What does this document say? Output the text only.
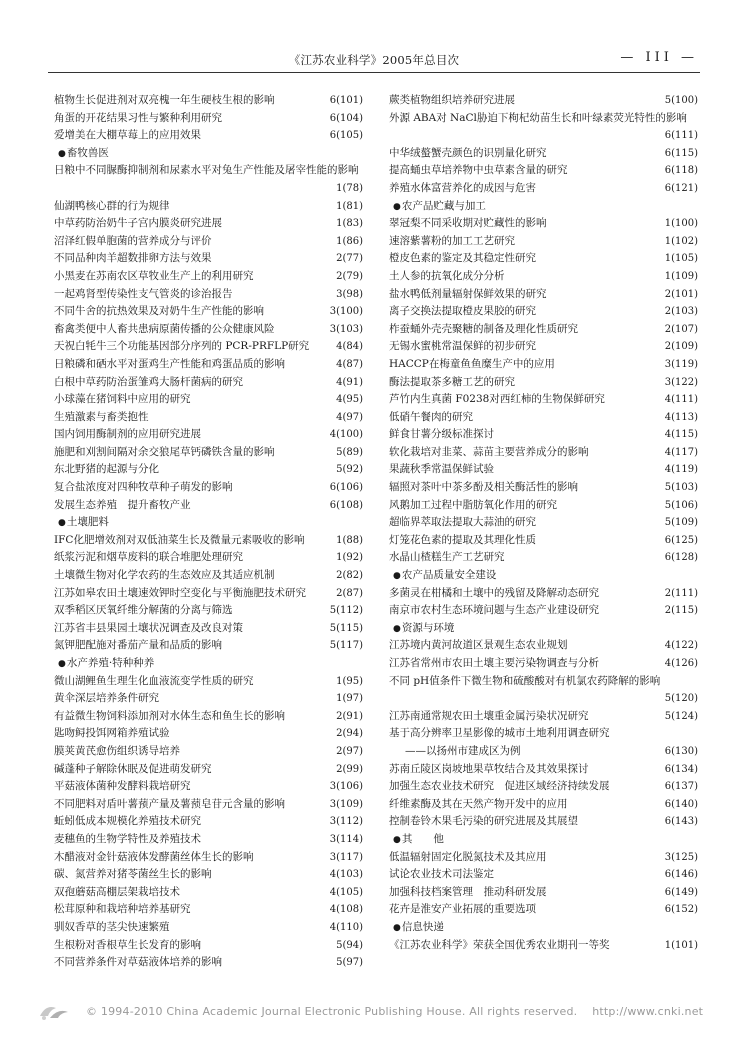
《江苏农业科学》2005年总目次	— III —
植物生长促进剂对双亮槐一年生硬枝生根的影响	6(101)
角蛋的开花结果习性与繁种利用研究	6(104)
爱增美在大棚草莓上的应用效果	6(105)
●畜牧兽医
日粮中不同脲酶抑制剂和尿素水平对兔生产性能及屠宰性能的影响
1(78)
仙湖鸭核心群的行为规律	1(81)
中草药防治奶牛子宫内膜炎研究进展	1(83)
沼泽红假单胞菌的营养成分与评价	1(86)
不同品种肉羊超数排卵方法与效果	2(77)
小黑麦在苏南农区草牧业生产上的利用研究	2(79)
一起鸡肾型传染性支气管炎的诊治报告	3(98)
不同牛舍的抗热效果及对奶牛生产性能的影响	3(100)
畜禽类便中人畜共患病原菌传播的公众健康风险	3(103)
天祝白牦牛三个功能基因部分序列的 PCR-PRFLP研究	4(84)
日粮磷和硒水平对蛋鸡生产性能和鸡蛋品质的影响	4(87)
白根中草药防治蛋雏鸡大肠杆菌病的研究	4(91)
小球藻在猪饲料中应用的研究	4(95)
生殖激素与畜类抱性	4(97)
国内饲用酶制剂的应用研究进展	4(100)
施肥和刈割间隔对余交狼尾草钙磷铁含量的影响	5(89)
东北野猪的起源与分化	5(92)
复合盐浓度对四种牧草种子萌发的影响	6(106)
发展生态养殖　提升畜牧产业	6(108)
●土壤肥料
IFC化肥增效剂对双低油菜生长及微量元素吸收的影响	1(88)
纸浆污泥和烟草废料的联合堆肥处理研究	1(92)
土壤微生物对化学农药的生态效应及其适应机制	2(82)
江苏如皋农田土壤速效钾时空变化与平衡施肥技术研究	2(87)
双季稻区厌氧纤维分解菌的分离与筛选	5(112)
江苏省丰县果园土壤状况调查及改良对策	5(115)
氮钾肥配施对番茄产量和品质的影响	5(117)
●水产养殖·特种种养
微山湖鲤鱼生理生化血液流变学性质的研究	1(95)
黄伞深层培养条件研究	1(97)
有益微生物饲料添加剂对水体生态和鱼生长的影响	2(91)
匙吻鲟投饵网箱养殖试验	2(94)
膜荚黄芪愈伤组织诱导培养	2(97)
碱蓬种子解除休眠及促进萌发研究	2(99)
平菇液体菌种发酵料栽培研究	3(106)
不同肥料对盾叶薯蓣产量及薯蓣皂苷元含量的影响	3(109)
蚯蚓低成本规模化养殖技术研究	3(112)
麦穗鱼的生物学特性及养殖技术	3(114)
木醋液对金针菇液体发酵菌丝体生长的影响	3(117)
碳、氮营养对猪苓菌丝生长的影响	4(103)
双孢蘑菇高棚层架栽培技术	4(105)
松茸原种和栽培种培养基研究	4(108)
驯奴香草的茎尖快速繁殖	4(110)
生根粉对香根草生长发育的影响	5(94)
不同营养条件对草菇液体培养的影响	5(97)
蕨类植物组织培养研究进展	5(100)
外源 ABA对 NaCl胁迫下枸杞幼苗生长和叶绿素荧光特性的影响
6(111)
中华绒螯蟹壳颜色的识别量化研究	6(115)
提高蛹虫草培养物中虫草素含量的研究	6(118)
养殖水体富营养化的成因与危害	6(121)
●农产品贮藏与加工
翠冠梨不同采收期对贮藏性的影响	1(100)
速溶紫薯粉的加工工艺研究	1(102)
橙皮色素的鉴定及其稳定性研究	1(105)
土人参的抗氧化成分分析	1(109)
盐水鸭低剂量辐射保鲜效果的研究	2(101)
离子交换法提取橙皮果胶的研究	2(103)
柞蚕蛹外壳壳聚糖的制备及理化性质研究	2(107)
无锡水蜜桃常温保鲜的初步研究	2(109)
HACCP在梅童鱼鱼糜生产中的应用	3(119)
酶法提取茶多糖工艺的研究	3(122)
芦竹内生真菌 F0238对西红柿的生物保鲜研究	4(111)
低硝午餐肉的研究	4(113)
鲜食甘薯分级标准探讨	4(115)
软化栽培对韭菜、蒜苗主要营养成分的影响	4(117)
果蔬秋季常温保鲜试验	4(119)
辐照对茶叶中茶多酚及相关酶活性的影响	5(103)
风鹅加工过程中脂肪氧化作用的研究	5(106)
超临界萃取法提取大蒜油的研究	5(109)
灯笼花色素的提取及其理化性质	6(125)
水晶山楂糕生产工艺研究	6(128)
●农产品质量安全建设
多菌灵在柑橘和土壤中的残留及降解动态研究	2(111)
南京市农村生态环境问题与生态产业建设研究	2(115)
●资源与环境
江苏境内黄河故道区景观生态农业规划	4(122)
江苏省常州市农田土壤主要污染物调查与分析	4(126)
不同 pH值条件下微生物和硫酸酸对有机氯农药降解的影响
5(120)
江苏南通常规农田土壤重金属污染状况研究	5(124)
基于高分辨率卫星影像的城市土地利用调查研究
——以扬州市建成区为例	6(130)
苏南丘陵区岗坡地果草牧结合及其效果探讨	6(134)
加强生态农业技术研究　促进区域经济持续发展	6(137)
纤维素酶及其在天然产物开发中的应用	6(140)
控制卷铃木果毛污染的研究进展及其展望	6(143)
●其　　他
低温辐射固定化脱氮技术及其应用	3(125)
试论农业技术司法鉴定	6(146)
加强科技档案管理　推动科研发展	6(149)
花卉是淮安产业拓展的重要选项	6(152)
●信息快递
《江苏农业科学》荣获全国优秀农业期刊一等奖	1(101)
© 1994-2010 China Academic Journal Electronic Publishing House. All rights reserved.　 http://www.cnki.net
